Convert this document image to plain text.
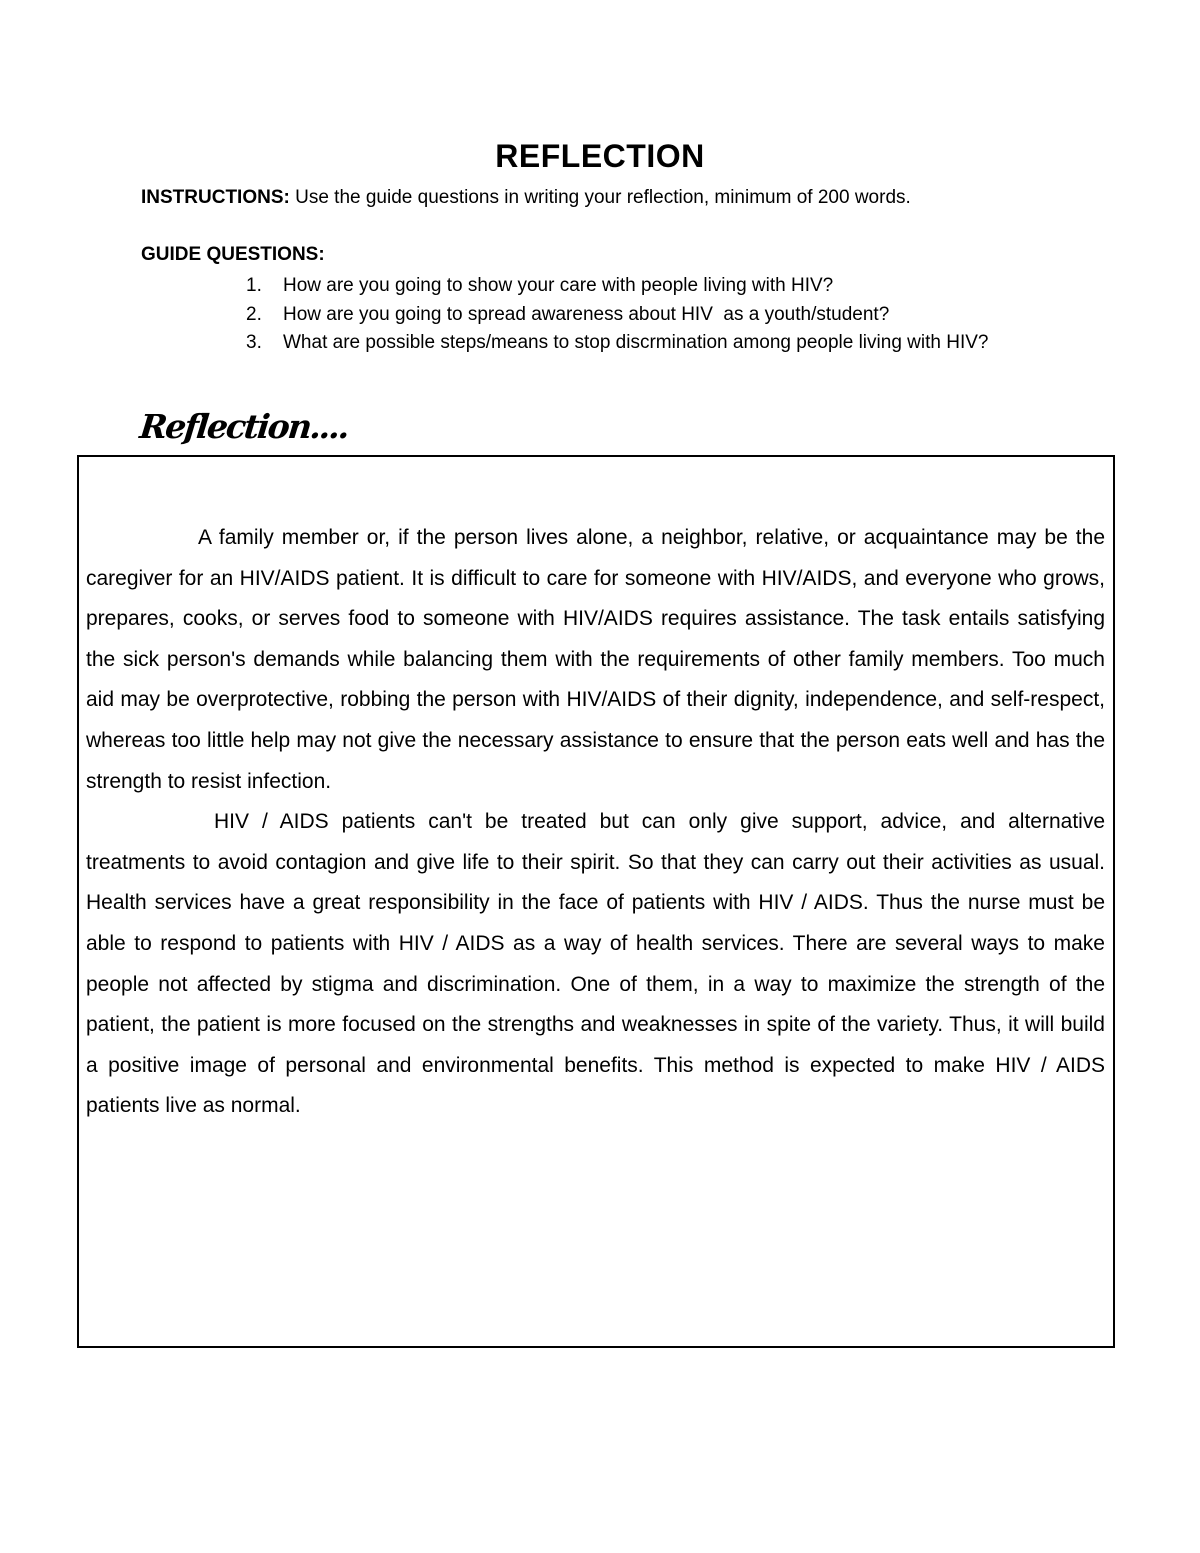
REFLECTION
INSTRUCTIONS: Use the guide questions in writing your reflection, minimum of 200 words.
GUIDE QUESTIONS:
1. How are you going to show your care with people living with HIV?
2. How are you going to spread awareness about HIV  as a youth/student?
3. What are possible steps/means to stop discrmination among people living with HIV?
Reflection....

A family member or, if the person lives alone, a neighbor, relative, or acquaintance may be the caregiver for an HIV/AIDS patient. It is difficult to care for someone with HIV/AIDS, and everyone who grows, prepares, cooks, or serves food to someone with HIV/AIDS requires assistance. The task entails satisfying the sick person's demands while balancing them with the requirements of other family members. Too much aid may be overprotective, robbing the person with HIV/AIDS of their dignity, independence, and self-respect, whereas too little help may not give the necessary assistance to ensure that the person eats well and has the strength to resist infection.

HIV / AIDS patients can't be treated but can only give support, advice, and alternative treatments to avoid contagion and give life to their spirit. So that they can carry out their activities as usual. Health services have a great responsibility in the face of patients with HIV / AIDS. Thus the nurse must be able to respond to patients with HIV / AIDS as a way of health services. There are several ways to make people not affected by stigma and discrimination. One of them, in a way to maximize the strength of the patient, the patient is more focused on the strengths and weaknesses in spite of the variety. Thus, it will build a positive image of personal and environmental benefits. This method is expected to make HIV / AIDS patients live as normal.
